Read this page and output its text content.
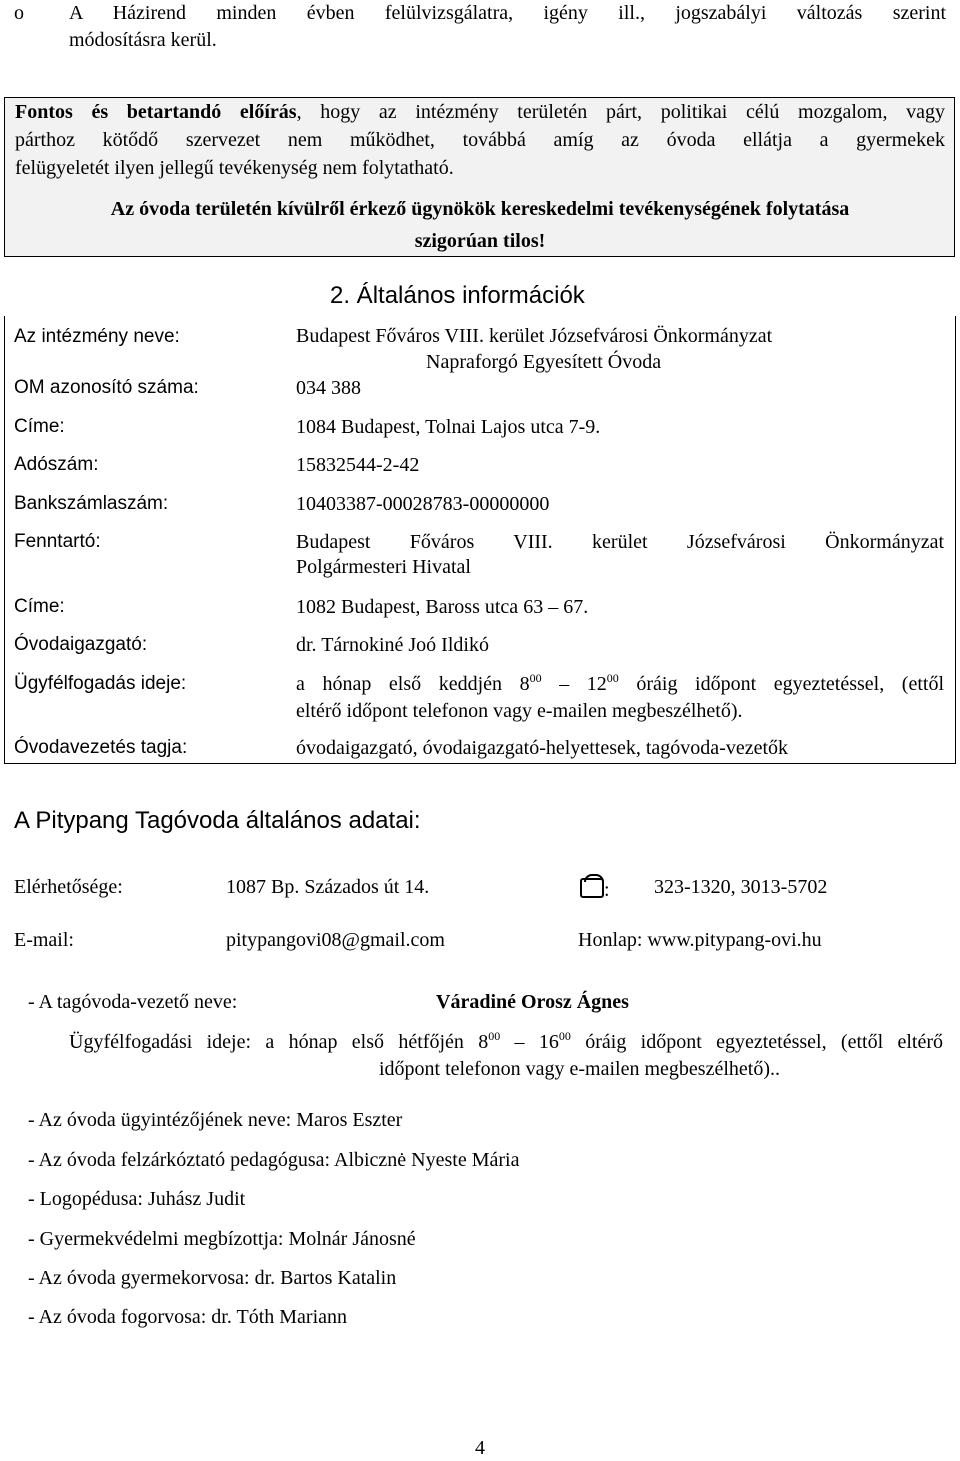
o A Házirend minden évben felülvizsgálatra, igény ill., jogszabályi változás szerint
módosításra kerül.
Fontos és betartandó előírás, hogy az intézmény területén párt, politikai célú mozgalom, vagy
párthoz kötődő szervezet nem működhet, továbbá amíg az óvoda ellátja a gyermekek
felügyeletét ilyen jellegű tevékenység nem folytatható.
Az óvoda területén kívülről érkező ügynökök kereskedelmi tevékenységének folytatása
szigorúan tilos!
2. Általános információk
Az intézmény neve:	Budapest Főváros VIII. kerület Józsefvárosi Önkormányzat
Napraforgó Egyesített Óvoda
OM azonosító száma:	034 388
Címe:	1084 Budapest, Tolnai Lajos utca 7-9.
Adószám:	15832544-2-42
Bankszámlaszám:	10403387-00028783-00000000
Fenntartó:	Budapest Főváros VIII. kerület Józsefvárosi Önkormányzat
Polgármesteri Hivatal
Címe:	1082 Budapest, Baross utca 63 – 67.
Óvodaigazgató:	dr. Tárnokiné Joó Ildikó
Ügyfélfogadás ideje:	a hónap első keddjén $8^{00} - 12^{00}$ óráig időpont egyeztetéssel, (ettől
eltérő időpont telefonon vagy e-mailen megbeszélhető).
Óvodavezetés tagja:	óvodaigazgató, óvodaigazgató-helyettesek, tagóvoda-vezetők
A Pitypang Tagóvoda általános adatai:
Elérhetősége:	1087 Bp. Százados út 14.	: 323-1320, 3013-5702
E-mail:	pitypangovi08@gmail.com	Honlap: www.pitypang-ovi.hu
- A tagóvoda-vezető neve:	Váradiné Orosz Ágnes
Ügyfélfogadási ideje: a hónap első hétfőjén $8^{00} - 16^{00}$ óráig időpont egyeztetéssel, (ettől eltérő
időpont telefonon vagy e-mailen megbeszélhető)..
- Az óvoda ügyintézőjének neve: Maros Eszter
- Az óvoda felzárkóztató pedagógusa: Albicznė Nyeste Mária
- Logopédusa: Juhász Judit
- Gyermekvédelmi megbízottja: Molnár Jánosné
- Az óvoda gyermekorvosa: dr. Bartos Katalin
- Az óvoda fogorvosa: dr. Tóth Mariann
4
